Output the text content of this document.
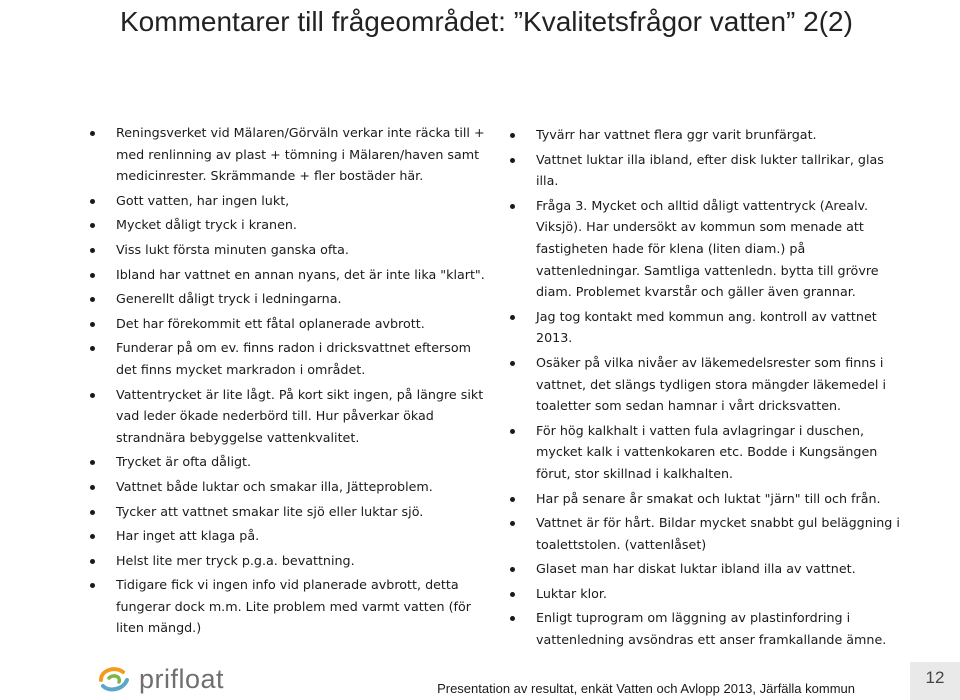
Kommentarer till frågeområdet: ”Kvalitetsfrågor vatten” 2(2)
Reningsverket vid Mälaren/Görväln verkar inte räcka till + med renlinning av plast + tömning i Mälaren/haven samt medicinrester. Skrämmande + fler bostäder här.
Gott vatten, har ingen lukt,
Mycket dåligt tryck i kranen.
Viss lukt första minuten ganska ofta.
Ibland har vattnet en annan nyans, det är inte lika "klart".
Generellt dåligt tryck i ledningarna.
Det har förekommit ett fåtal oplanerade avbrott.
Funderar på om ev. finns radon i dricksvattnet eftersom det finns mycket markradon i området.
Vattentrycket är lite lågt. På kort sikt ingen, på längre sikt vad leder ökade nederbörd till. Hur påverkar ökad strandnära bebyggelse vattenkvalitet.
Trycket är ofta dåligt.
Vattnet både luktar och smakar illa, Jätteproblem.
Tycker att vattnet smakar lite sjö eller luktar sjö.
Har inget att klaga på.
Helst lite mer tryck p.g.a. bevattning.
Tidigare fick vi ingen info vid planerade avbrott, detta fungerar dock m.m. Lite problem med varmt vatten (för liten mängd.)
Tyvärr har vattnet flera ggr varit brunfärgat.
Vattnet luktar illa ibland, efter disk lukter tallrikar, glas illa.
Fråga 3. Mycket och alltid dåligt vattentryck (Arealv. Viksjö). Har undersökt av kommun som menade att fastigheten hade för klena (liten diam.) på vattenledningar. Samtliga vattenledn. bytta till grövre diam. Problemet kvarstår och gäller även grannar.
Jag tog kontakt med kommun ang. kontroll av vattnet 2013.
Osäker på vilka nivåer av läkemedelsrester som finns i vattnet, det slängs tydligen stora mängder läkemedel i toaletter som sedan hamnar i vårt dricksvatten.
För hög kalkhalt i vatten fula avlagringar i duschen, mycket kalk i vattenkokaren etc. Bodde i Kungsängen förut, stor skillnad i kalkhalten.
Har på senare år smakat och luktat "järn" till och från.
Vattnet är för hårt. Bildar mycket snabbt gul beläggning i toalettstolen. (vattenlåset)
Glaset man har diskat luktar ibland illa av vattnet.
Luktar klor.
Enligt tuprogram om läggning av plastinfordring i vattenledning avsöndras ett anser framkallande ämne.
prifloat	Presentation av resultat, enkät Vatten och Avlopp 2013, Järfälla kommun
12
